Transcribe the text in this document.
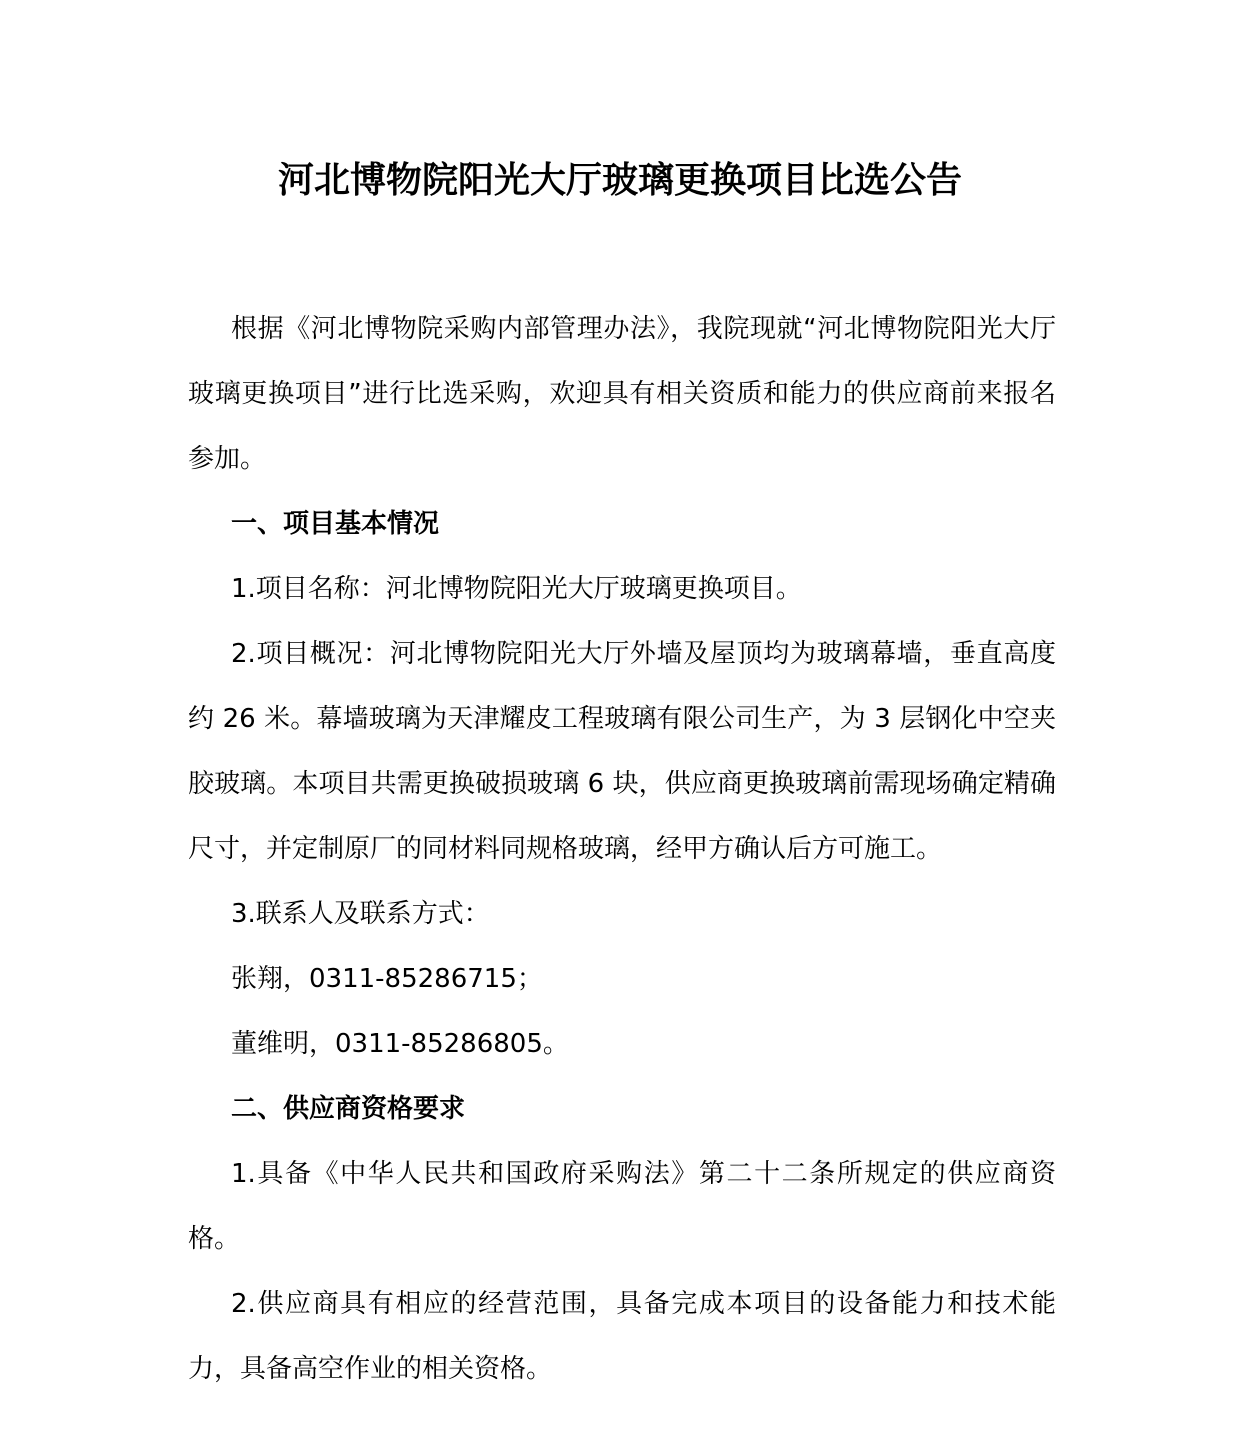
河北博物院阳光大厅玻璃更换项目比选公告

根据《河北博物院采购内部管理办法》，我院现就“河北博物院阳光大厅玻璃更换项目”进行比选采购，欢迎具有相关资质和能力的供应商前来报名参加。

一、项目基本情况

1.项目名称：河北博物院阳光大厅玻璃更换项目。

2.项目概况：河北博物院阳光大厅外墙及屋顶均为玻璃幕墙，垂直高度约 26 米。幕墙玻璃为天津耀皮工程玻璃有限公司生产，为 3 层钢化中空夹胶玻璃。本项目共需更换破损玻璃 6 块，供应商更换玻璃前需现场确定精确尺寸，并定制原厂的同材料同规格玻璃，经甲方确认后方可施工。

3.联系人及联系方式：

张翔，0311-85286715；

董维明，0311-85286805。

二、供应商资格要求

1.具备《中华人民共和国政府采购法》第二十二条所规定的供应商资格。

2.供应商具有相应的经营范围，具备完成本项目的设备能力和技术能力，具备高空作业的相关资格。
